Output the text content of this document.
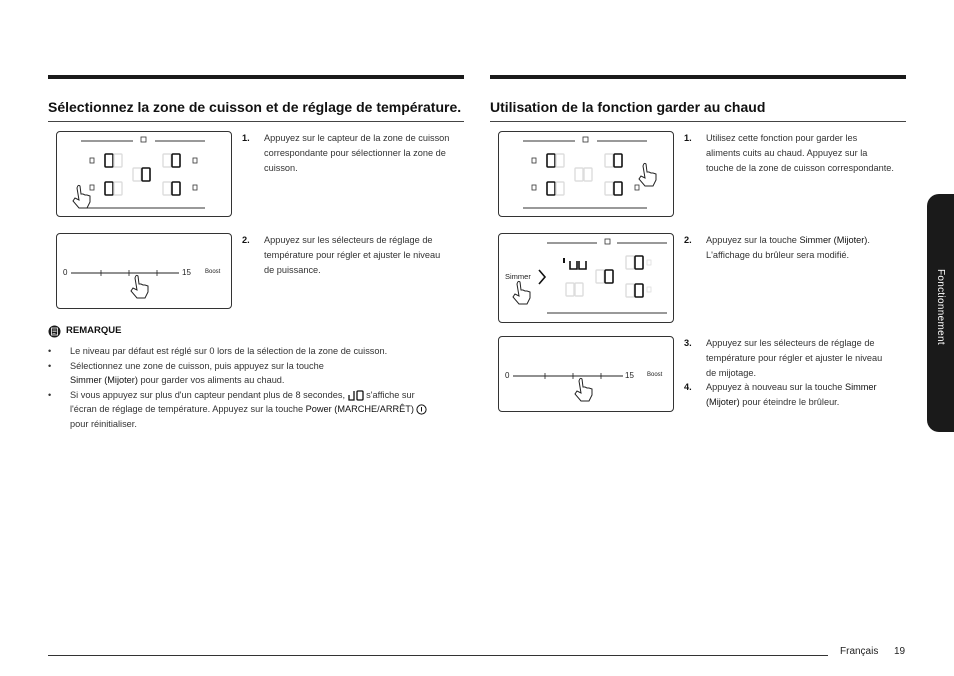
Sélectionnez la zone de cuisson et de réglage de température. Utilisation de la fonction garder au chaud
1. Appuyez sur le capteur de la zone de cuisson
correspondante pour sélectionner la zone de
cuisson.
0	15 Boost
2. Appuyez sur les sélecteurs de réglage de
température pour régler et ajuster le niveau
de puissance.
REMARQUE
• Le niveau par défaut est réglé sur 0 lors de la sélection de la zone de cuisson.
• Sélectionnez une zone de cuisson, puis appuyez sur la touche
Simmer (Mijoter) pour garder vos aliments au chaud.
• Si vous appuyez sur plus d'un capteur pendant plus de 8 secondes,  s'affiche sur
l'écran de réglage de température. Appuyez sur la touche Power (MARCHE/ARRÊT)
pour réinitialiser.
1. Utilisez cette fonction pour garder les
aliments cuits au chaud. Appuyez sur la
touche de la zone de cuisson correspondante.
Simmer
2. Appuyez sur la touche Simmer (Mijoter).
L'affichage du brûleur sera modifié.
0	15 Boost
3. Appuyez sur les sélecteurs de réglage de
température pour régler et ajuster le niveau
de mijotage.
4. Appuyez à nouveau sur la touche Simmer
(Mijoter) pour éteindre le brûleur.
Fonctionnement
Français 19
